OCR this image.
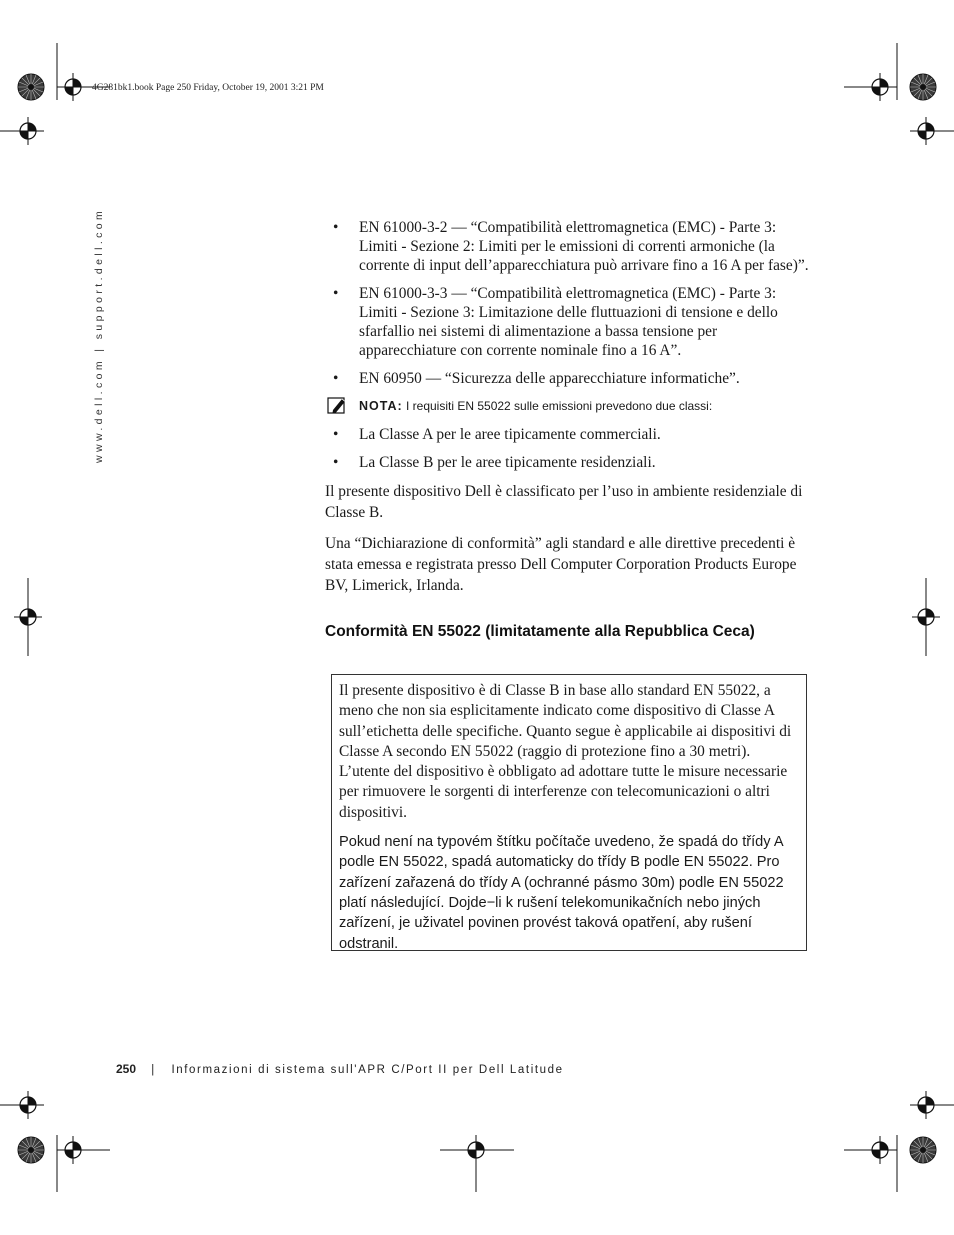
4G281bk1.book Page 250 Friday, October 19, 2001 3:21 PM
www.dell.com | support.dell.com	• EN 61000-3-2 — “Compatibilità elettromagnetica (EMC) - Parte 3: Limiti - Sezione 2: Limiti per le emissioni di correnti armoniche (la corrente di input dell’apparecchiatura può arrivare fino a 16 A per fase)”.
• EN 61000-3-3 — “Compatibilità elettromagnetica (EMC) - Parte 3: Limiti - Sezione 3: Limitazione delle fluttuazioni di tensione e dello sfarfallio nei sistemi di alimentazione a bassa tensione per apparecchiature con corrente nominale fino a 16 A”.
• EN 60950 — “Sicurezza delle apparecchiature informatiche”.
NOTA: I requisiti EN 55022 sulle emissioni prevedono due classi:
• La Classe A per le aree tipicamente commerciali.
• La Classe B per le aree tipicamente residenziali.

Il presente dispositivo Dell è classificato per l’uso in ambiente residenziale di Classe B.

Una “Dichiarazione di conformità” agli standard e alle direttive precedenti è stata emessa e registrata presso Dell Computer Corporation Products Europe BV, Limerick, Irlanda.

Conformità EN 55022 (limitatamente alla Repubblica Ceca)

Il presente dispositivo è di Classe B in base allo standard EN 55022, a meno che non sia esplicitamente indicato come dispositivo di Classe A sull’etichetta delle specifiche. Quanto segue è applicabile ai dispositivi di Classe A secondo EN 55022 (raggio di protezione fino a 30 metri). L’utente del dispositivo è obbligato ad adottare tutte le misure necessarie per rimuovere le sorgenti di interferenze con telecomunicazioni o altri dispositivi.

Pokud není na typovém štítku počítače uvedeno, že spadá do třídy A podle EN 55022, spadá automaticky do třídy B podle EN 55022. Pro zařízení zařazená do třídy A (ochranné pásmo 30m) podle EN 55022 platí následující. Dojde−li k rušení telekomunikačních nebo jiných zařízení, je uživatel povinen provést taková opatření, aby rušení odstranil.

250 | Informazioni di sistema sull'APR C/Port II per Dell Latitude
